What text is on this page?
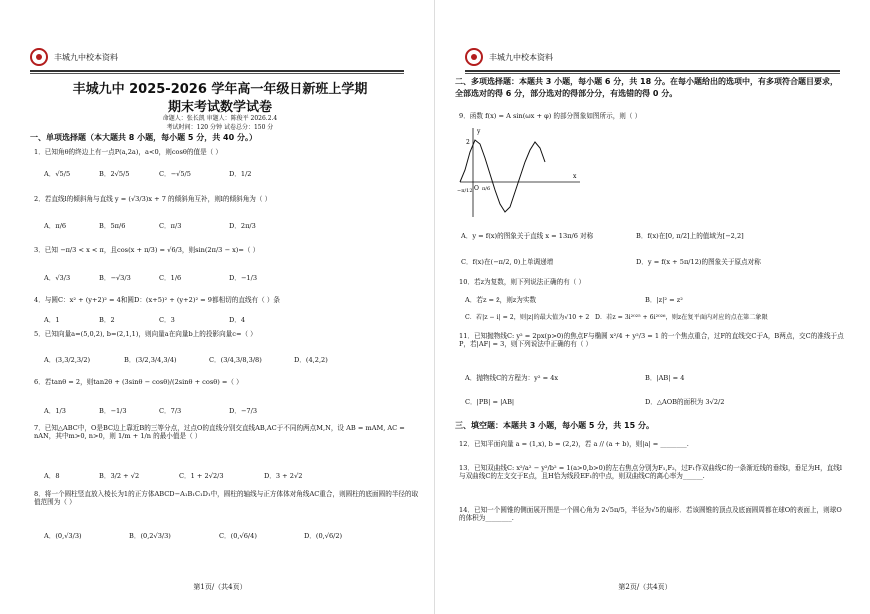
丰城九中校本资料
丰城九中 2025-2026 学年高一年级日新班上学期
期末考试数学试卷
命题人：张长凯 审题人：陈俊平 2026.2.4
考试时间：120 分钟 试卷总分：150 分
一、单项选择题（本大题共 8 小题，每小题 5 分，共 40 分。）
1．已知角θ的终边上有一点P(a,2a)，a<0，则cosθ的值是（ ）
A．√5/5	B．2√5/5	C．−√5/5	D．1/2
2．若直线l的倾斜角与直线 y = (√3/3)x + 7 的倾斜角互补，则l的倾斜角为（ ）
A．π/6	B．5π/6	C．π/3	D．2π/3
3．已知 −π/3 < x < π，且cos(x + π/3) = √6/3，则sin(2π/3 − x)=（ ）
A．√3/3	B．−√3/3	C．1/6	D．−1/3
4．与圆C：x² + (y+2)² = 4和圆D：(x+5)² + (y+2)² = 9都相切的直线有（ ）条
A．1	B．2	C．3	D．4
5．已知向量a=(5,0,2), b=(2,1,1)，则向量a在向量b上的投影向量c=（ ）
A．(3,3/2,3/2)	B．(3/2,3/4,3/4)	C．(3/4,3/8,3/8)	D．(4,2,2)
6．若tanθ = 2，则tan2θ + (3sinθ − cosθ)/(2sinθ + cosθ) =（ ）
A．1/3	B．−1/3	C．7/3	D．−7/3
7．已知△ABC中，O是BC边上靠近B的三等分点，过点O的直线分别交直线AB,AC于不同的两点M,N，设 AB = mAM, AC = nAN，其中m>0, n>0，则 1/m + 1/n 的最小值是（ ）
A．8	B．3/2 + √2	C．1 + 2√2/3	D．3 + 2√2
8．将一个圆柱竖直放入棱长为1的正方体ABCD−A₁B₁C₁D₁中，圆柱的轴线与正方体体对角线AC重合，则圆柱的底面圆的半径的取值范围为（ ）
A．(0,√3/3)	B．(0,2√3/3)	C．(0,√6/4)	D．(0,√6/2)
第1页/（共4页）
丰城九中校本资料
二、多项选择题：本题共 3 小题，每小题 6 分，共 18 分。在每小题给出的选项中，有多项符合题目要求，全部选对的得 6 分，部分选对的得部分分，有选错的得 0 分。
9．函数 f(x) = A sin(ωx + φ) 的部分图象如图所示，则（ ）
y
2
−π/12 O π/6
x
A．y = f(x)的图象关于直线 x = 13π/6 对称	B．f(x)在[0, π/2]上的值域为[−2,2]
C．f(x)在(−π/2, 0)上单调递增	D．y = f(x + 5π/12)的图象关于原点对称
10．若z为复数，则下列说法正确的有（ ）
A．若z = z̄，则z为实数	B．|z|² = z²
C．若|z − i| = 2，则|z|的最大值为√10 + 2 D．若z = 3i²⁰²⁵ + 6i²⁰²⁶，则z在复平面内对应的点在第二象限
11．已知抛物线C: y² = 2px(p>0)的焦点F与椭圆 x²/4 + y²/3 = 1 的一个焦点重合，过F的直线交C于A，B两点，交C的准线于点P，若|AF| = 3，则下列说法中正确的有（ ）
A．抛物线C的方程为：y² = 4x	B．|AB| = 4
C．|PB| = |AB|	D．△AOB的面积为 3√2/2
三、填空题：本题共 3 小题，每小题 5 分，共 15 分。
12．已知平面向量 a = (1,x), b = (2,2)，若 a // (a + b)，则|a| = ________.
13．已知双曲线C: x²/a² − y²/b² = 1(a>0,b>0)的左右焦点分别为F₁,F₂，过F₁作双曲线C的一条渐近线的垂线l，垂足为H，直线l与双曲线C的左支交于E点，且H恰为线段EF₁的中点，则双曲线C的离心率为______.
14．已知一个圆锥的侧面展开图是一个圆心角为 2√5π/5，半径为√5的扇形．若该圆锥的顶点及底面圆周都在球O的表面上，则球O的体积为________.
第2页/（共4页）
